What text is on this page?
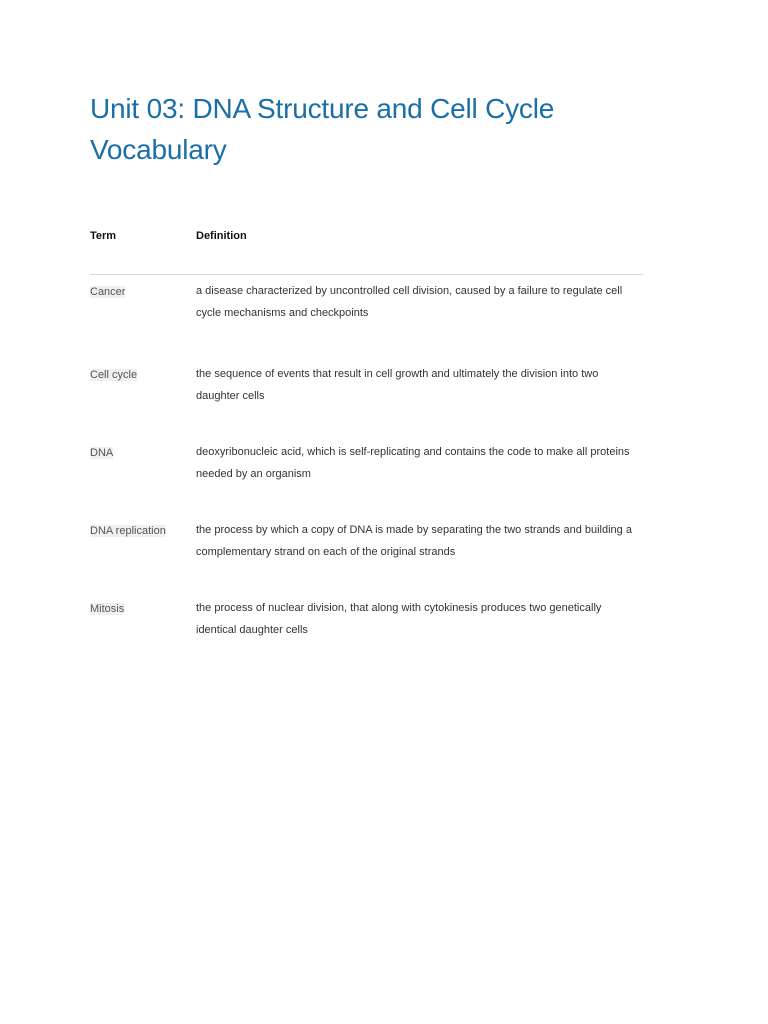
Unit 03: DNA Structure and Cell Cycle Vocabulary
Term	Definition
Cancer	a disease characterized by uncontrolled cell division, caused by a failure to regulate cell cycle mechanisms and checkpoints
Cell cycle	the sequence of events that result in cell growth and ultimately the division into two daughter cells
DNA	deoxyribonucleic acid, which is self-replicating and contains the code to make all proteins needed by an organism
DNA replication	the process by which a copy of DNA is made by separating the two strands and building a complementary strand on each of the original strands
Mitosis	the process of nuclear division, that along with cytokinesis produces two genetically identical daughter cells
